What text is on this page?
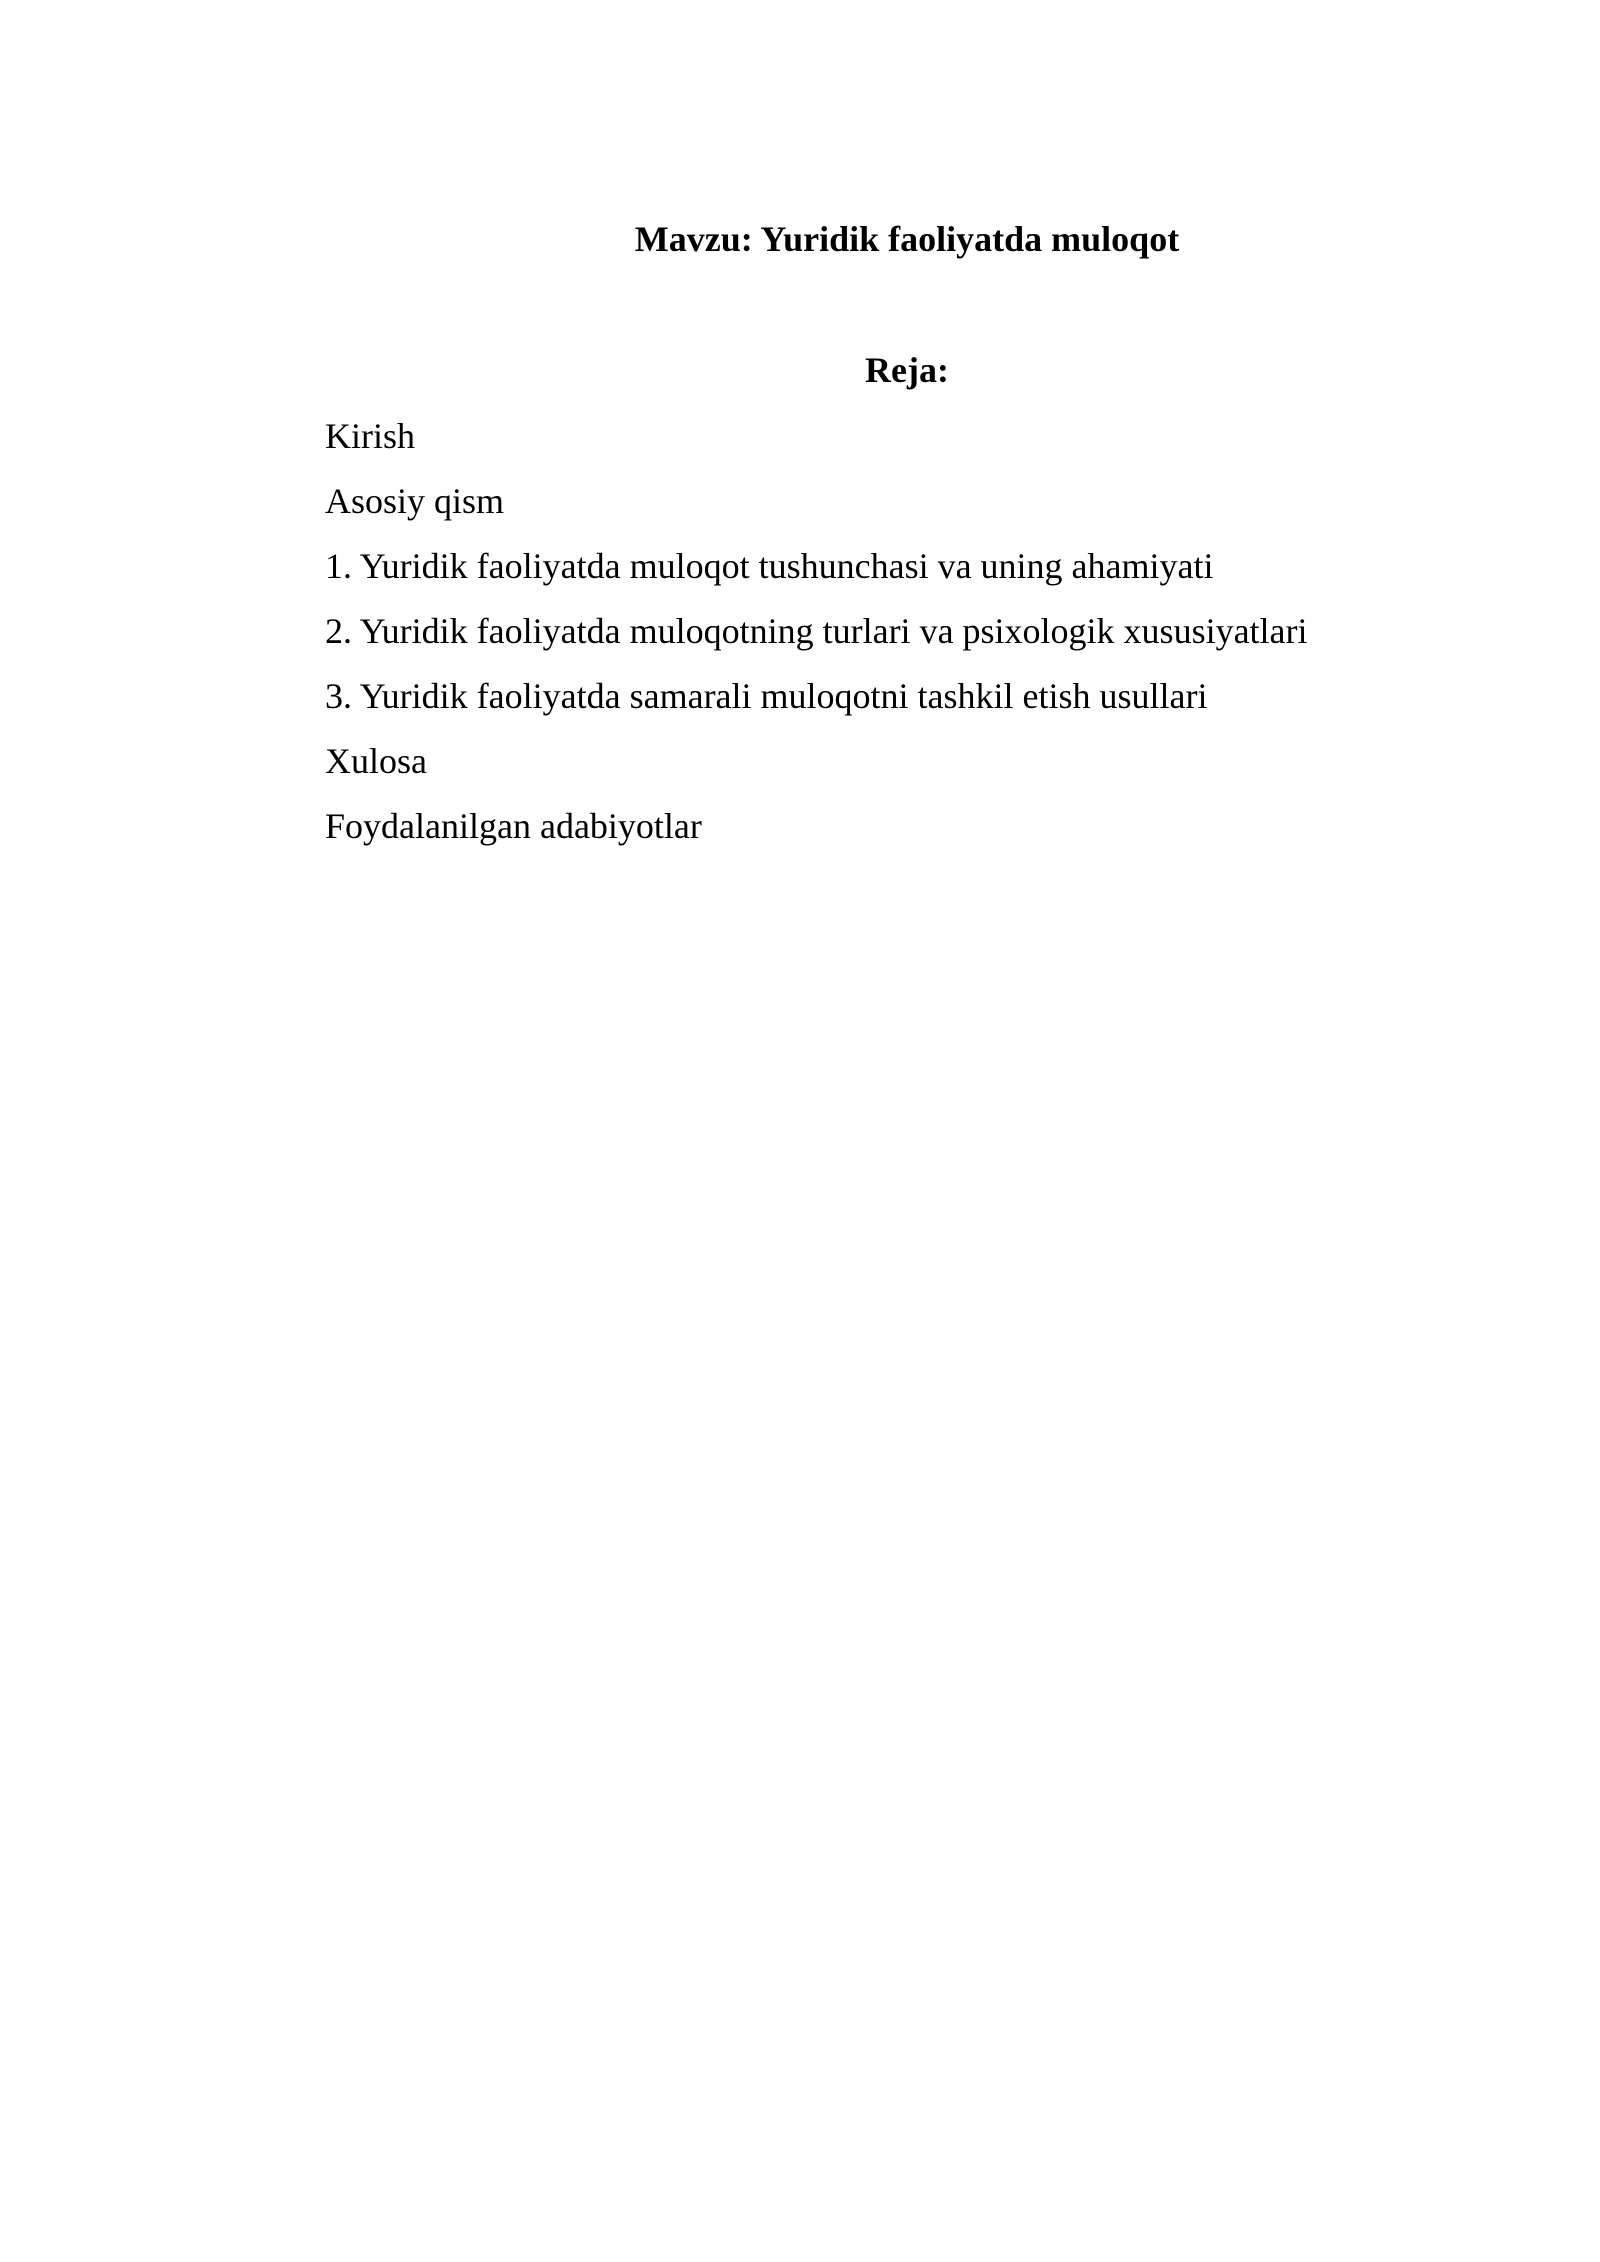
Mavzu: Yuridik faoliyatda muloqot
Reja:
Kirish
Asosiy qism
1. Yuridik faoliyatda muloqot tushunchasi va uning ahamiyati
2. Yuridik faoliyatda muloqotning turlari va psixologik xususiyatlari
3. Yuridik faoliyatda samarali muloqotni tashkil etish usullari
Xulosa
Foydalanilgan adabiyotlar
